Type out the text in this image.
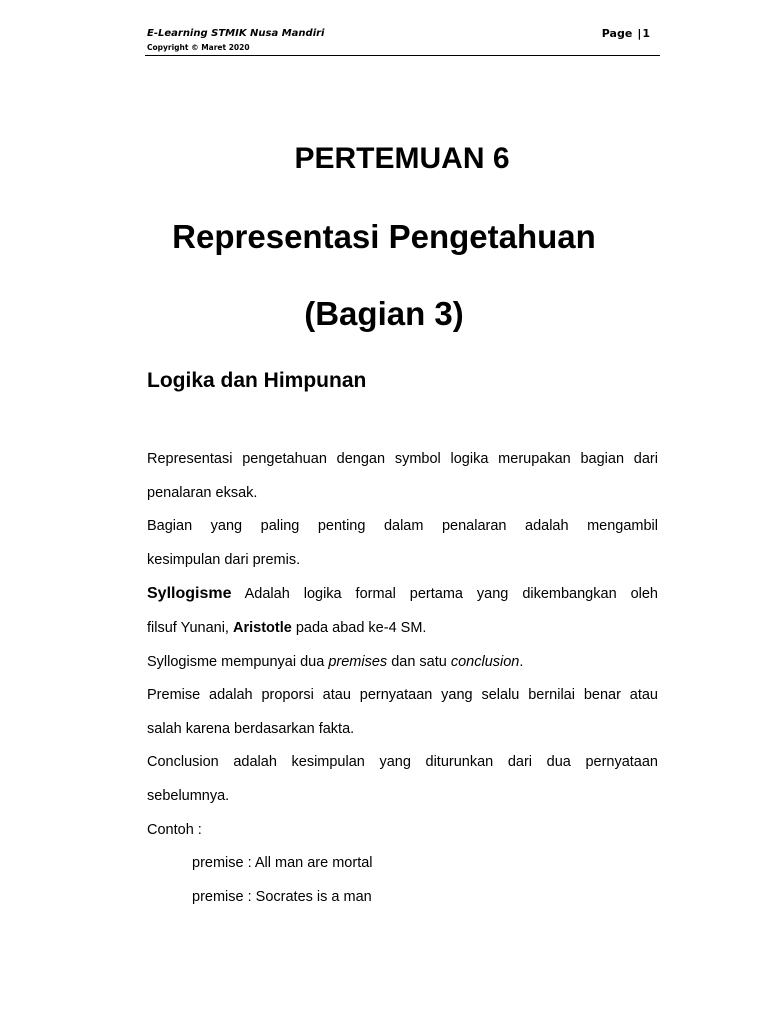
E-Learning STMIK Nusa Mandiri
Copyright © Maret 2020
Page |1
PERTEMUAN 6
Representasi Pengetahuan
(Bagian 3)
Logika dan Himpunan

Representasi pengetahuan dengan symbol logika merupakan bagian dari

penalaran eksak.

Bagian yang paling penting dalam penalaran adalah mengambil

kesimpulan dari premis.

Syllogisme Adalah logika formal pertama yang dikembangkan oleh

filsuf Yunani, Aristotle pada abad ke-4 SM.

Syllogisme mempunyai dua premises dan satu conclusion.

Premise adalah proporsi atau pernyataan yang selalu bernilai benar atau

salah karena berdasarkan fakta.

Conclusion adalah kesimpulan yang diturunkan dari dua pernyataan

sebelumnya.

Contoh :

premise : All man are mortal

premise : Socrates is a man
